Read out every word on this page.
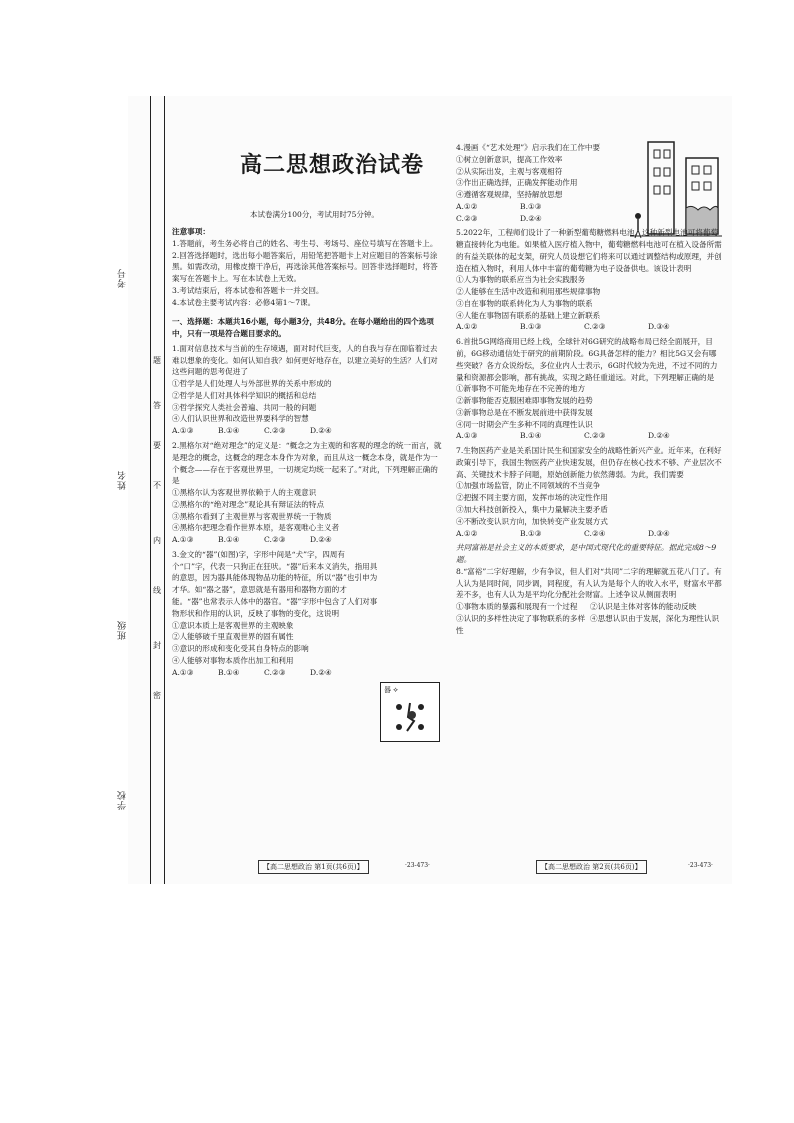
考号
姓名
班级
学校
题
答
要
不
内
线
封
密
高二思想政治试卷
本试卷满分100分，考试用时75分钟。

注意事项：

1.答题前，考生务必将自己的姓名、考生号、考场号、座位号填写在答题卡上。

2.回答选择题时，选出每小题答案后，用铅笔把答题卡上对应题目的答案标号涂黑。如需改动，用橡皮擦干净后，再选涂其他答案标号。回答非选择题时，将答案写在答题卡上。写在本试卷上无效。

3.考试结束后，将本试卷和答题卡一并交回。

4.本试卷主要考试内容：必修4第1～7课。

一、选择题：本题共16小题，每小题3分，共48分。在每小题给出的四个选项中，只有一项是符合题目要求的。

1.面对信息技术与当前的生存境遇，面对时代巨变，人的自我与存在面临着过去难以想象的变化。如何认知自我？如何更好地存在，以建立美好的生活？人们对这些问题的思考促进了

①哲学是人们处理人与外部世界的关系中形成的

②哲学是人们对具体科学知识的概括和总结

③哲学探究人类社会普遍、共同一般的问题

④人们认识世界和改造世界要科学的智慧

A.①③	B.①④	C.②③	D.②④

2.黑格尔对“绝对理念”的定义是：“概念之为主观的和客观的理念的统一而言，就是理念的概念，这概念的理念本身作为对象，而且从这一概念本身，就是作为一个概念——存在于客观世界里，一切规定均统一起来了。”对此，下列理解正确的是

①黑格尔认为客观世界依赖于人的主观意识

②黑格尔的“绝对理念”观论具有辩证法的特点

③黑格尔看到了主观世界与客观世界统一于物质

④黑格尔把理念看作世界本原，是客观唯心主义者

A.①③	B.①④	C.②③	D.②④

3.金文的“器”(如图)字，字形中间是“犬”字，四周有个“口”字，代表一只狗正在狂吠。“器”后来本义消失，指用具的意思，因为器具能体现物品功能的特征，所以“器”也引申为才华。如“器之器”，意思就是有器用和器物方面的才能。“器”也常表示人体中的器官。“器”字形中包含了人们对事物形状和作用的认识，反映了事物的变化，这说明

①意识本质上是客观世界的主观映象

②人能够破千里直观世界的固有属性

③意识的形成和变化受其自身特点的影响

④人能够对事物本质作出加工和利用

A.①③	B.①④	C.②③	D.②④

器 ⟡

4.漫画《“艺术处理”》启示我们在工作中要

①树立创新意识，提高工作效率

②从实际出发，主观与客观相符

③作出正确选择，正确发挥能动作用

④遵循客观规律，坚持解放思想

A.①②	B.①③

C.②③	D.②④

5.2022年，工程师们设计了一种新型葡萄糖燃料电池，这种新型电池可将葡萄糖直接转化为电能。如果植入医疗植入物中，葡萄糖燃料电池可在植入设备所需的有益关联体的起支架，研究人员设想它们将来可以通过调整结构或原理，并创造在植入物时，利用人体中丰富的葡萄糖为电子设备供电。该设计表明

①人为事物的联系应当为社会实践服务

②人能够在生活中改造和利用那些规律事物

③自在事物的联系转化为人为事物的联系

④人能在事物固有联系的基础上建立新联系

A.①②	B.①③	C.②③	D.③④

6.首批5G网络商用已经上线，全球针对6G研究的战略布局已经全面展开，目前，6G移动通信处于研究的前期阶段。6G具备怎样的能力？相比5G又会有哪些突破？各方众说纷纭，多位业内人士表示，6G时代较为先进，不过不同的力量和资源都会影响，都有挑战，实现之路任重道远。对此，下列理解正确的是

①新事物不可能先地存在不完善的地方

②新事物能否克服困难即事物发展的趋势

③新事物总是在不断发展前进中获得发展

④同一时期会产生多种不同的真理性认识

A.①③	B.①④	C.②③	D.②④

7.生物医药产业是关系国计民生和国家安全的战略性新兴产业。近年来，在利好政策引导下，我国生物医药产业快速发展，但仍存在核心技术不够、产业层次不高、关键技术卡脖子问题，原始创新能力依然薄弱。为此，我们需要

①加强市场监管，防止不同领域的不当竞争

②把握不同主要方面，发挥市场的决定性作用

③加大科技创新投入，集中力量解决主要矛盾

④不断改变认识方向，加快转变产业发展方式

A.①②	B.①③	C.②④	D.③④

共同富裕是社会主义的本质要求，是中国式现代化的重要特征。据此完成8～9题。

8.“富裕”二字好理解，少有争议，但人们对“共同”二字的理解就五花八门了。有人认为是同时间，同步调，同程度，有人认为是每个人的收入水平，财富水平都差不多，也有人认为是平均化分配社会财富。上述争议从侧面表明

①事物本质的暴露和展现有一个过程	②认识是主体对客体的能动反映

③认识的多样性决定了事物联系的多样性
④思想认识由于发展，深化为理性认识

【高二思想政治 第1页(共6页)】	·23-473·	【高二思想政治 第2页(共6页)】	·23-473·
